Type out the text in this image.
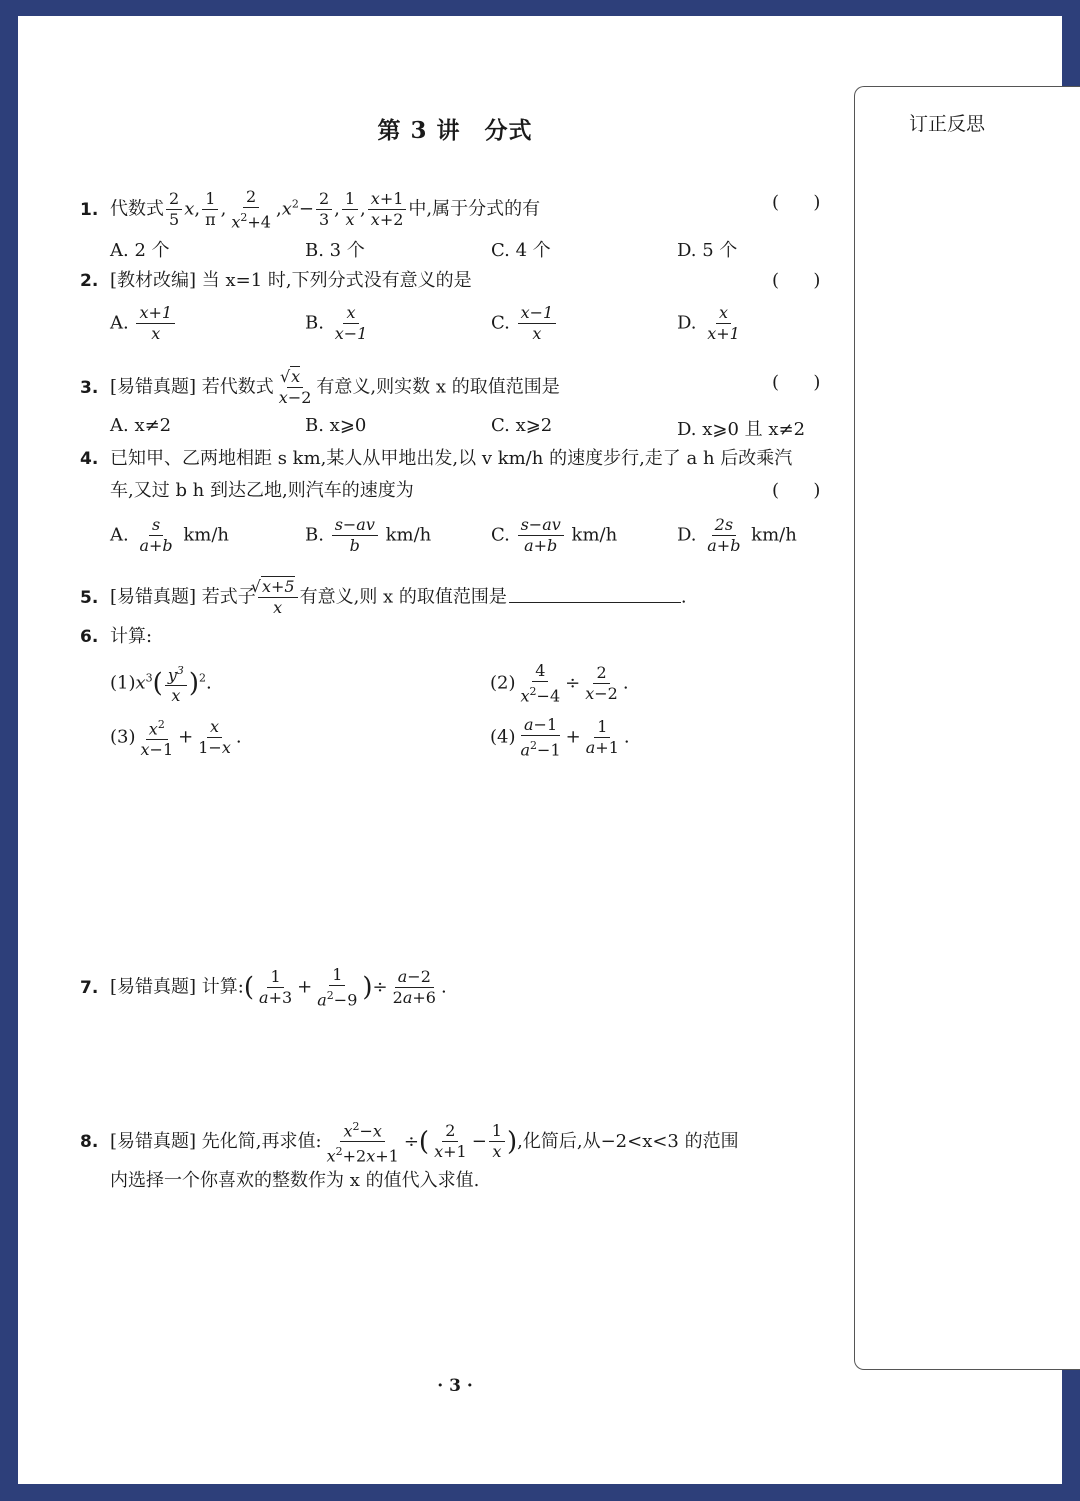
订正反思
第 3 讲 分式
1. 代数式 $\frac{2}{5} x$, $\frac{1}{\pi}$ , $\frac{2}{x^2+4} ,x^2- \frac{2}{3}$ , $\frac{1}{x}$ , $\frac{x+1}{x+2}$ 中,属于分式的有	(      )
A. 2 个	B. 3 个	C. 4 个	D. 5 个
2. [教材改编] 当 x=1 时,下列分式没有意义的是	(      )
A. $\frac{x+1}{x}$	B. $\frac{x}{x-1}$	C. $\frac{x-1}{x}$	D. $\frac{x}{x+1}$
3. [易错真题] 若代数式 √ $\frac{x}{x-2}$ 有意义,则实数 x 的取值范围是	(      )
A. x≠2	B. x⩾0	C. x⩾2	D. x⩾0 且 x≠2
4. 已知甲、乙两地相距 s km,某人从甲地出发,以 v km/h 的速度步行,走了 a h 后改乘汽
车,又过 b h 到达乙地,则汽车的速度为	(      )
A. $\frac{s}{a+b} km/h$	B. $\frac{s-av}{b} km/h$	C. $\frac{s-av}{a+b} km/h$	D. $\frac{2s}{a+b} km/h$
5. [易错真题] 若式子 √ $\frac{x+5}{x}$ 有意义,则 x 的取值范围是	.
6. 计算:
$(1)x^3( \frac{y^3}{x} )^2$.	$(2) \frac{4}{x^2-4} \div \frac{2}{x-2}$ .
$(3) \frac{x^2}{x-1} + \frac{x}{1-x}$ .	$(4) \frac{a-1}{a^2-1} + \frac{1}{a+1}$ .
7. [易错真题] 计算:( $\frac{1}{a+3} + \frac{1}{a^2-9}$ )÷ $\frac{a-2}{2a+6}$ .
8. [易错真题] 先化简,再求值: $\frac{x^2-x}{x^2+2x+1}$ ÷( $\frac{2}{x+1} - \frac{1}{x}$ ),化简后,从−2<x<3 的范围
内选择一个你喜欢的整数作为 x 的值代入求值.
· 3 ·
